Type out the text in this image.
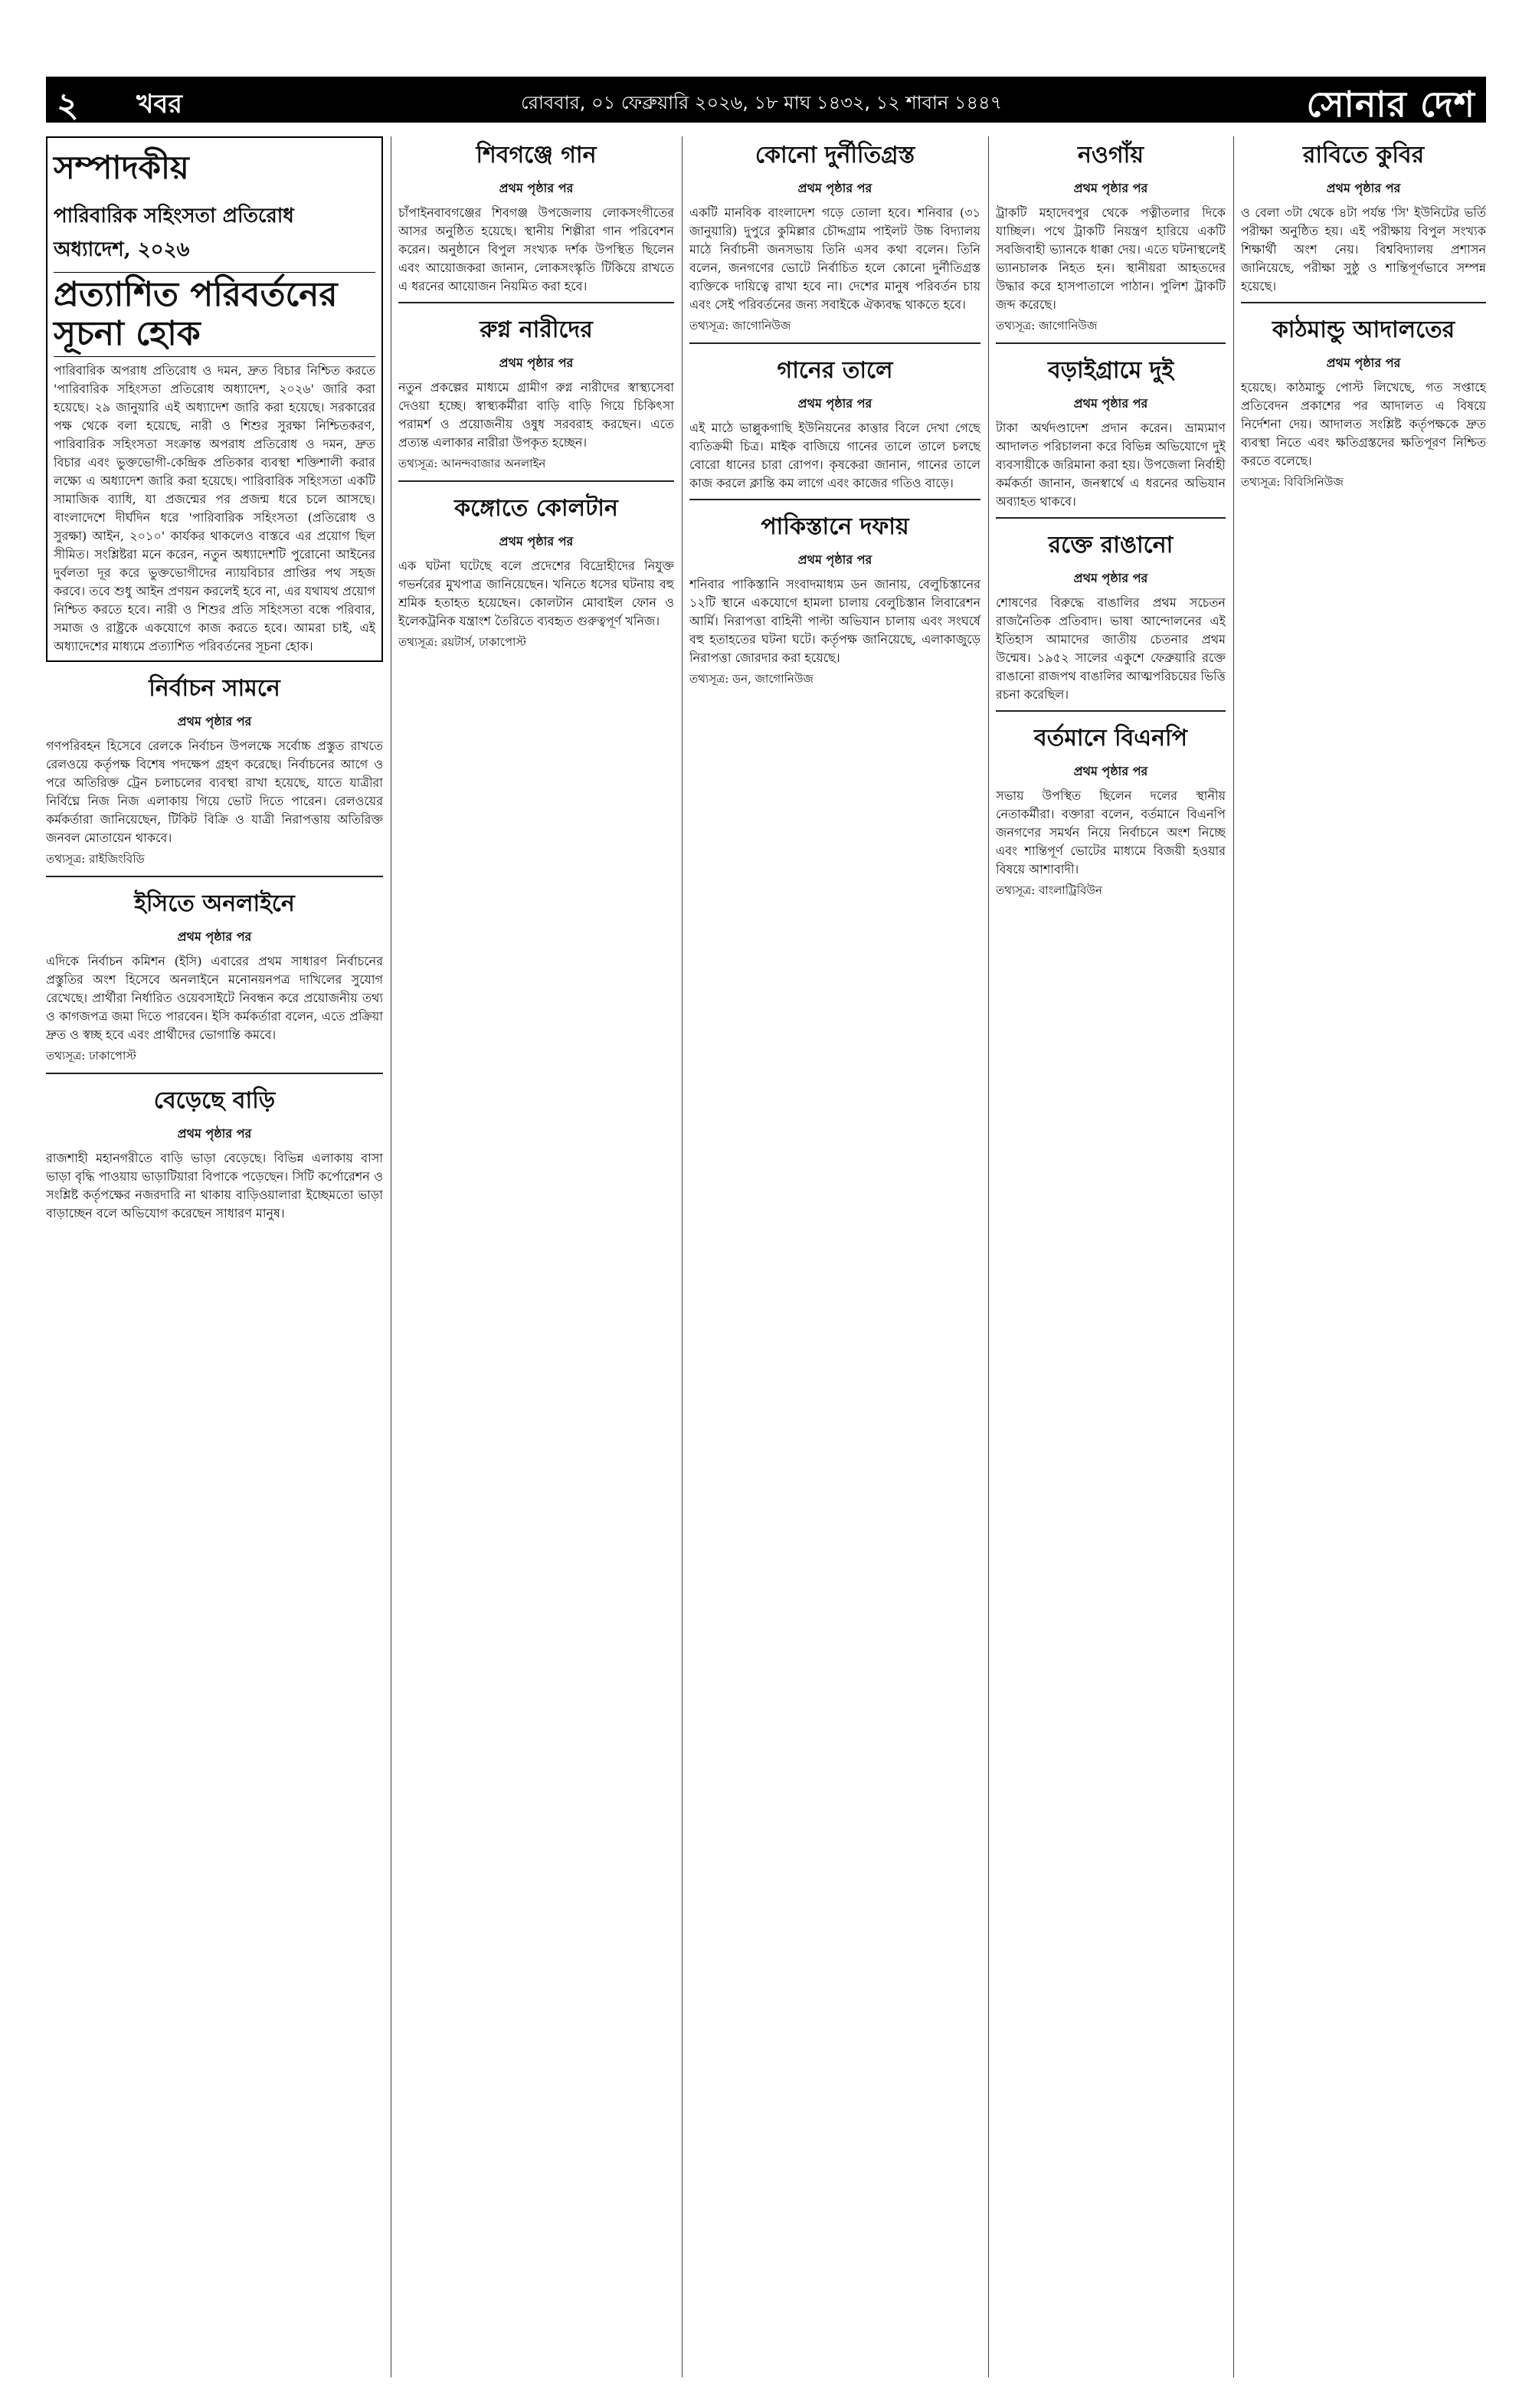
২ খবর	রোববার, ০১ ফেব্রুয়ারি ২০২৬, ১৮ মাঘ ১৪৩২, ১২ শাবান ১৪৪৭	সোনার দেশ
সম্পাদকীয়
পারিবারিক সহিংসতা প্রতিরোধ অধ্যাদেশ, ২০২৬
প্রত্যাশিত পরিবর্তনের সূচনা হোক
পারিবারিক অপরাধ প্রতিরোধ ও দমন, দ্রুত বিচার নিশ্চিত করতে 'পারিবারিক সহিংসতা প্রতিরোধ অধ্যাদেশ, ২০২৬' জারি করা হয়েছে। ২৯ জানুয়ারি এই অধ্যাদেশ জারি করা হয়েছে। সরকারের পক্ষ থেকে বলা হয়েছে, নারী ও শিশুর সুরক্ষা নিশ্চিতকরণ, পারিবারিক সহিংসতা সংক্রান্ত অপরাধ প্রতিরোধ ও দমন, দ্রুত বিচার এবং ভুক্তভোগী-কেন্দ্রিক প্রতিকার ব্যবস্থা শক্তিশালী করার লক্ষ্যে এ অধ্যাদেশ জারি করা হয়েছে। পারিবারিক সহিংসতা একটি সামাজিক ব্যাধি, যা প্রজন্মের পর প্রজন্ম ধরে চলে আসছে। বাংলাদেশে দীর্ঘদিন ধরে 'পারিবারিক সহিংসতা (প্রতিরোধ ও সুরক্ষা) আইন, ২০১০' কার্যকর থাকলেও বাস্তবে এর প্রয়োগ ছিল সীমিত। সংশ্লিষ্টরা মনে করেন, নতুন অধ্যাদেশটি পুরোনো আইনের দুর্বলতা দূর করে ভুক্তভোগীদের ন্যায়বিচার প্রাপ্তির পথ সহজ করবে। তবে শুধু আইন প্রণয়ন করলেই হবে না, এর যথাযথ প্রয়োগ নিশ্চিত করতে হবে। নারী ও শিশুর প্রতি সহিংসতা বন্ধে পরিবার, সমাজ ও রাষ্ট্রকে একযোগে কাজ করতে হবে। আমরা চাই, এই অধ্যাদেশের মাধ্যমে প্রত্যাশিত পরিবর্তনের সূচনা হোক।
নির্বাচন সামনে
প্রথম পৃষ্ঠার পর
গণপরিবহন হিসেবে রেলকে নির্বাচন উপলক্ষে সর্বোচ্চ প্রস্তুত রাখতে রেলওয়ে কর্তৃপক্ষ বিশেষ পদক্ষেপ গ্রহণ করেছে। নির্বাচনের আগে ও পরে অতিরিক্ত ট্রেন চলাচলের ব্যবস্থা রাখা হয়েছে, যাতে যাত্রীরা নির্বিঘ্নে নিজ নিজ এলাকায় গিয়ে ভোট দিতে পারেন। রেলওয়ের কর্মকর্তারা জানিয়েছেন, টিকিট বিক্রি ও যাত্রী নিরাপত্তায় অতিরিক্ত জনবল মোতায়েন থাকবে।
তথ্যসূত্র: রাইজিংবিডি
ইসিতে অনলাইনে
প্রথম পৃষ্ঠার পর
এদিকে নির্বাচন কমিশন (ইসি) এবারের প্রথম সাধারণ নির্বাচনের প্রস্তুতির অংশ হিসেবে অনলাইনে মনোনয়নপত্র দাখিলের সুযোগ রেখেছে। প্রার্থীরা নির্ধারিত ওয়েবসাইটে নিবন্ধন করে প্রয়োজনীয় তথ্য ও কাগজপত্র জমা দিতে পারবেন। ইসি কর্মকর্তারা বলেন, এতে প্রক্রিয়া দ্রুত ও স্বচ্ছ হবে এবং প্রার্থীদের ভোগান্তি কমবে।
তথ্যসূত্র: ঢাকাপোস্ট
বেড়েছে বাড়ি
প্রথম পৃষ্ঠার পর
রাজশাহী মহানগরীতে বাড়ি ভাড়া বেড়েছে। বিভিন্ন এলাকায় বাসা ভাড়া বৃদ্ধি পাওয়ায় ভাড়াটিয়ারা বিপাকে পড়েছেন। সিটি কর্পোরেশন ও সংশ্লিষ্ট কর্তৃপক্ষের নজরদারি না থাকায় বাড়িওয়ালারা ইচ্ছেমতো ভাড়া বাড়াচ্ছেন বলে অভিযোগ করেছেন সাধারণ মানুষ।
শিবগঞ্জে গান
প্রথম পৃষ্ঠার পর
চাঁপাইনবাবগঞ্জের শিবগঞ্জ উপজেলায় লোকসংগীতের আসর অনুষ্ঠিত হয়েছে। স্থানীয় শিল্পীরা গান পরিবেশন করেন। অনুষ্ঠানে বিপুল সংখ্যক দর্শক উপস্থিত ছিলেন এবং আয়োজকরা জানান, লোকসংস্কৃতি টিকিয়ে রাখতে এ ধরনের আয়োজন নিয়মিত করা হবে।
রুগ্ন নারীদের
প্রথম পৃষ্ঠার পর
নতুন প্রকল্পের মাধ্যমে গ্রামীণ রুগ্ন নারীদের স্বাস্থ্যসেবা দেওয়া হচ্ছে। স্বাস্থ্যকর্মীরা বাড়ি বাড়ি গিয়ে চিকিৎসা পরামর্শ ও প্রয়োজনীয় ওষুধ সরবরাহ করছেন। এতে প্রত্যন্ত এলাকার নারীরা উপকৃত হচ্ছেন।
তথ্যসূত্র: আনন্দবাজার অনলাইন
কঙ্গোতে কোলটান
প্রথম পৃষ্ঠার পর
এক ঘটনা ঘটেছে বলে প্রদেশের বিদ্রোহীদের নিযুক্ত গভর্নরের মুখপাত্র জানিয়েছেন। খনিতে ধসের ঘটনায় বহু শ্রমিক হতাহত হয়েছেন। কোলটান মোবাইল ফোন ও ইলেকট্রনিক যন্ত্রাংশ তৈরিতে ব্যবহৃত গুরুত্বপূর্ণ খনিজ।
তথ্যসূত্র: রয়টার্স, ঢাকাপোস্ট
কোনো দুর্নীতিগ্রস্ত
প্রথম পৃষ্ঠার পর
একটি মানবিক বাংলাদেশ গড়ে তোলা হবে। শনিবার (৩১ জানুয়ারি) দুপুরে কুমিল্লার চৌদ্দগ্রাম পাইলট উচ্চ বিদ্যালয় মাঠে নির্বাচনী জনসভায় তিনি এসব কথা বলেন। তিনি বলেন, জনগণের ভোটে নির্বাচিত হলে কোনো দুর্নীতিগ্রস্ত ব্যক্তিকে দায়িত্বে রাখা হবে না। দেশের মানুষ পরিবর্তন চায় এবং সেই পরিবর্তনের জন্য সবাইকে ঐক্যবদ্ধ থাকতে হবে।
তথ্যসূত্র: জাগোনিউজ
গানের তালে
প্রথম পৃষ্ঠার পর
এই মাঠে ভাল্লুকগাছি ইউনিয়নের কাত্তার বিলে দেখা গেছে ব্যতিক্রমী চিত্র। মাইক বাজিয়ে গানের তালে তালে চলছে বোরো ধানের চারা রোপণ। কৃষকেরা জানান, গানের তালে কাজ করলে ক্লান্তি কম লাগে এবং কাজের গতিও বাড়ে।
পাকিস্তানে দফায়
প্রথম পৃষ্ঠার পর
শনিবার পাকিস্তানি সংবাদমাধ্যম ডন জানায়, বেলুচিস্তানের ১২টি স্থানে একযোগে হামলা চালায় বেলুচিস্তান লিবারেশন আর্মি। নিরাপত্তা বাহিনী পাল্টা অভিযান চালায় এবং সংঘর্ষে বহু হতাহতের ঘটনা ঘটে। কর্তৃপক্ষ জানিয়েছে, এলাকাজুড়ে নিরাপত্তা জোরদার করা হয়েছে।
তথ্যসূত্র: ডন, জাগোনিউজ
নওগাঁয়
প্রথম পৃষ্ঠার পর
ট্রাকটি মহাদেবপুর থেকে পত্নীতলার দিকে যাচ্ছিল। পথে ট্রাকটি নিয়ন্ত্রণ হারিয়ে একটি সবজিবাহী ভ্যানকে ধাক্কা দেয়। এতে ঘটনাস্থলেই ভ্যানচালক নিহত হন। স্থানীয়রা আহতদের উদ্ধার করে হাসপাতালে পাঠান। পুলিশ ট্রাকটি জব্দ করেছে।
তথ্যসূত্র: জাগোনিউজ
বড়াইগ্রামে দুই
প্রথম পৃষ্ঠার পর
টাকা অর্থদণ্ডাদেশ প্রদান করেন। ভ্রাম্যমাণ আদালত পরিচালনা করে বিভিন্ন অভিযোগে দুই ব্যবসায়ীকে জরিমানা করা হয়। উপজেলা নির্বাহী কর্মকর্তা জানান, জনস্বার্থে এ ধরনের অভিযান অব্যাহত থাকবে।
রক্তে রাঙানো
প্রথম পৃষ্ঠার পর
শোষণের বিরুদ্ধে বাঙালির প্রথম সচেতন রাজনৈতিক প্রতিবাদ। ভাষা আন্দোলনের এই ইতিহাস আমাদের জাতীয় চেতনার প্রথম উন্মেষ। ১৯৫২ সালের একুশে ফেব্রুয়ারি রক্তে রাঙানো রাজপথ বাঙালির আত্মপরিচয়ের ভিত্তি রচনা করেছিল।
বর্তমানে বিএনপি
প্রথম পৃষ্ঠার পর
সভায় উপস্থিত ছিলেন দলের স্থানীয় নেতাকর্মীরা। বক্তারা বলেন, বর্তমানে বিএনপি জনগণের সমর্থন নিয়ে নির্বাচনে অংশ নিচ্ছে এবং শান্তিপূর্ণ ভোটের মাধ্যমে বিজয়ী হওয়ার বিষয়ে আশাবাদী।
তথ্যসূত্র: বাংলাট্রিবিউন
রাবিতে কুবির
প্রথম পৃষ্ঠার পর
ও বেলা ৩টা থেকে ৪টা পর্যন্ত 'সি' ইউনিটের ভর্তি পরীক্ষা অনুষ্ঠিত হয়। এই পরীক্ষায় বিপুল সংখ্যক শিক্ষার্থী অংশ নেয়। বিশ্ববিদ্যালয় প্রশাসন জানিয়েছে, পরীক্ষা সুষ্ঠু ও শান্তিপূর্ণভাবে সম্পন্ন হয়েছে।
কাঠমান্ডু আদালতের
প্রথম পৃষ্ঠার পর
হয়েছে। কাঠমান্ডু পোস্ট লিখেছে, গত সপ্তাহে প্রতিবেদন প্রকাশের পর আদালত এ বিষয়ে নির্দেশনা দেয়। আদালত সংশ্লিষ্ট কর্তৃপক্ষকে দ্রুত ব্যবস্থা নিতে এবং ক্ষতিগ্রস্তদের ক্ষতিপূরণ নিশ্চিত করতে বলেছে।
তথ্যসূত্র: বিবিসিনিউজ
